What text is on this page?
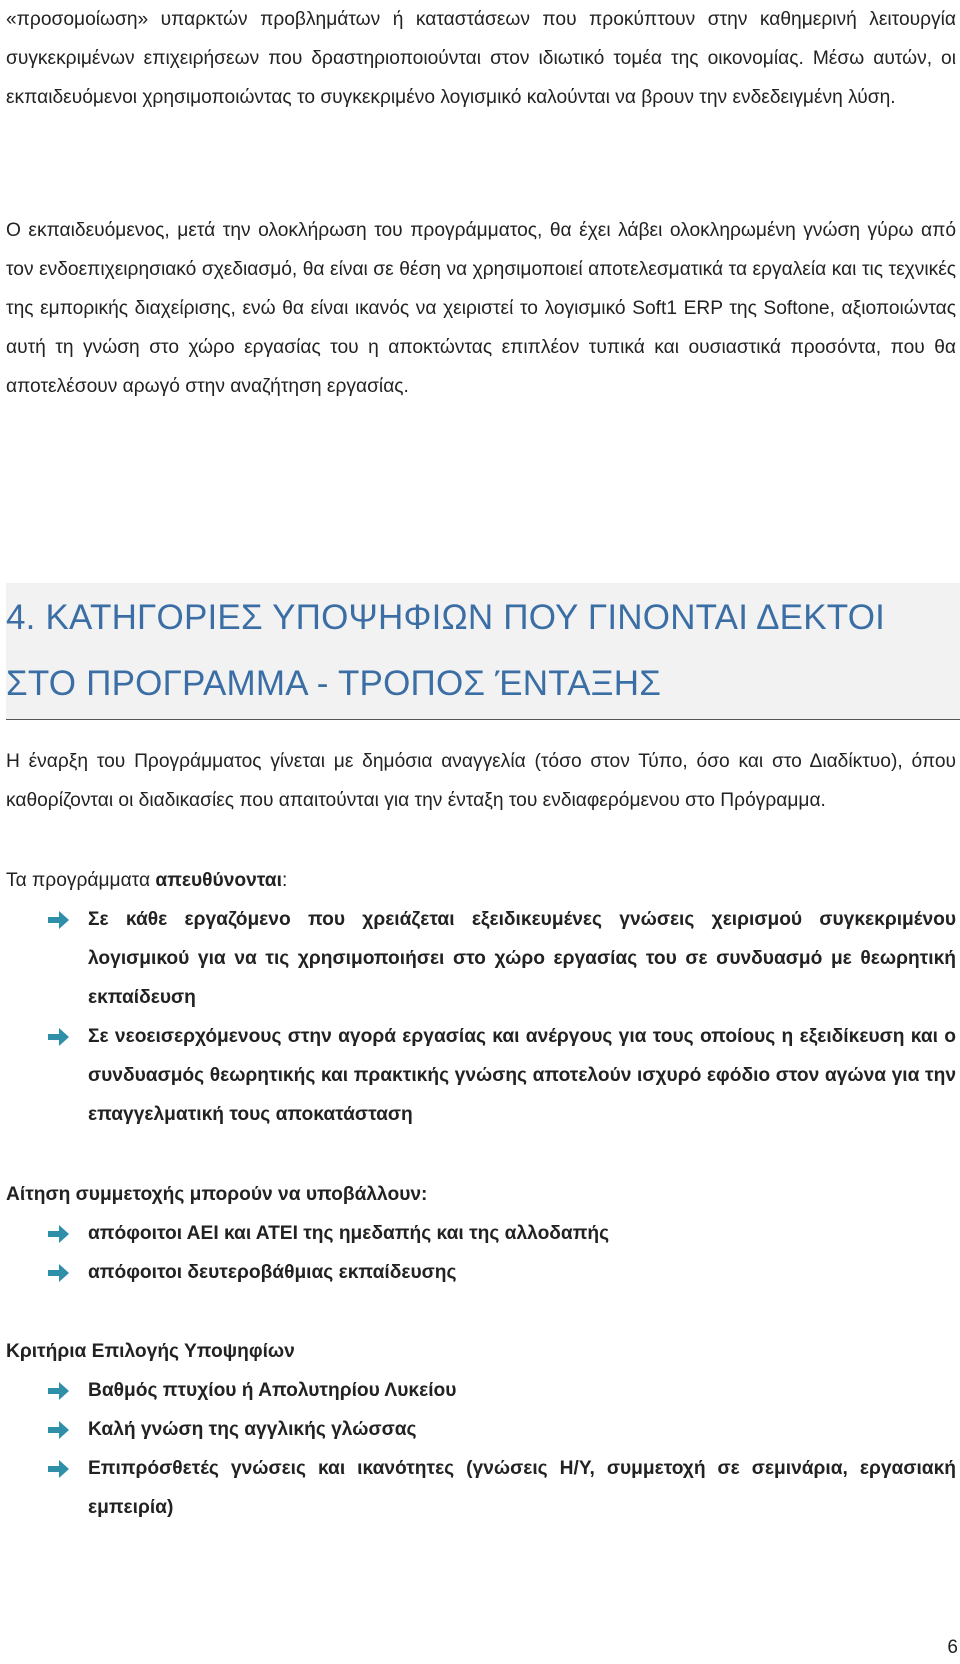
«προσομοίωση» υπαρκτών προβλημάτων ή καταστάσεων που προκύπτουν στην καθημερινή λειτουργία συγκεκριμένων επιχειρήσεων που δραστηριοποιούνται στον ιδιωτικό τομέα της οικονομίας. Μέσω αυτών, οι εκπαιδευόμενοι χρησιμοποιώντας το συγκεκριμένο λογισμικό καλούνται να βρουν την ενδεδειγμένη λύση.

Ο εκπαιδευόμενος, μετά την ολοκλήρωση του προγράμματος, θα έχει λάβει ολοκληρωμένη γνώση γύρω από τον ενδοεπιχειρησιακό σχεδιασμό, θα είναι σε θέση να χρησιμοποιεί αποτελεσματικά τα εργαλεία και τις τεχνικές της εμπορικής διαχείρισης, ενώ θα είναι ικανός να χειριστεί το λογισμικό Soft1 ERP της Softone, αξιοποιώντας αυτή τη γνώση στο χώρο εργασίας του η αποκτώντας επιπλέον τυπικά και ουσιαστικά προσόντα, που θα αποτελέσουν αρωγό στην αναζήτηση εργασίας.

4. ΚΑΤΗΓΟΡΙΕΣ ΥΠΟΨΗΦΙΩΝ ΠΟΥ ΓΙΝΟΝΤΑΙ ΔΕΚΤΟΙ
ΣΤΟ ΠΡΟΓΡΑΜΜΑ - ΤΡΟΠΟΣ ΈΝΤΑΞΗΣ

Η έναρξη του Προγράμματος γίνεται με δημόσια αναγγελία (τόσο στον Τύπο, όσο και στο Διαδίκτυο), όπου καθορίζονται οι διαδικασίες που απαιτούνται για την ένταξη του ενδιαφερόμενου στο Πρόγραμμα.

Τα προγράμματα απευθύνονται:
Σε κάθε εργαζόμενο που χρειάζεται εξειδικευμένες γνώσεις χειρισμού συγκεκριμένου λογισμικού για να τις χρησιμοποιήσει στο χώρο εργασίας του σε συνδυασμό με θεωρητική εκπαίδευση
Σε νεοεισερχόμενους στην αγορά εργασίας και ανέργους για τους οποίους η εξειδίκευση και ο συνδυασμός θεωρητικής και πρακτικής γνώσης αποτελούν ισχυρό εφόδιο στον αγώνα για την επαγγελματική τους αποκατάσταση
Αίτηση συμμετοχής μπορούν να υποβάλλουν:
απόφοιτοι ΑΕΙ και ΑΤΕΙ της ημεδαπής και της αλλοδαπής
απόφοιτοι δευτεροβάθμιας εκπαίδευσης
Κριτήρια Επιλογής Υποψηφίων
Βαθμός πτυχίου ή Απολυτηρίου Λυκείου
Καλή γνώση της αγγλικής γλώσσας
Επιπρόσθετές γνώσεις και ικανότητες (γνώσεις Η/Υ, συμμετοχή σε σεμινάρια, εργασιακή εμπειρία)
6
